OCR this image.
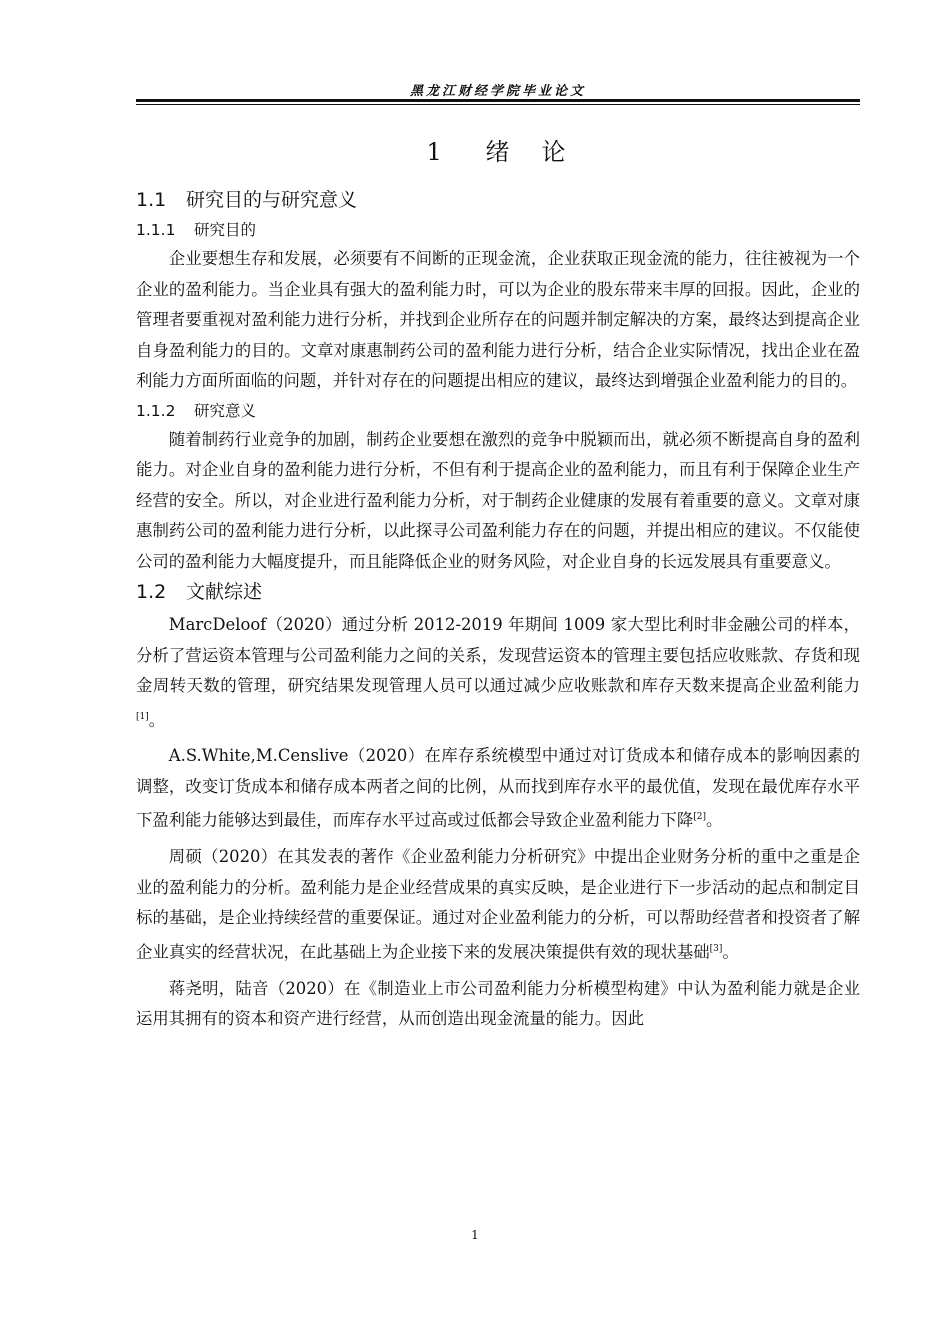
黑龙江财经学院毕业论文
1 绪　论
1.1 研究目的与研究意义
1.1.1 研究目的

企业要想生存和发展，必须要有不间断的正现金流，企业获取正现金流的能力，往往被视为一个企业的盈利能力。当企业具有强大的盈利能力时，可以为企业的股东带来丰厚的回报。因此，企业的管理者要重视对盈利能力进行分析，并找到企业所存在的问题并制定解决的方案，最终达到提高企业自身盈利能力的目的。文章对康惠制药公司的盈利能力进行分析，结合企业实际情况，找出企业在盈利能力方面所面临的问题，并针对存在的问题提出相应的建议，最终达到增强企业盈利能力的目的。

1.1.2 研究意义

随着制药行业竞争的加剧，制药企业要想在激烈的竞争中脱颖而出，就必须不断提高自身的盈利能力。对企业自身的盈利能力进行分析，不但有利于提高企业的盈利能力，而且有利于保障企业生产经营的安全。所以，对企业进行盈利能力分析，对于制药企业健康的发展有着重要的意义。文章对康惠制药公司的盈利能力进行分析，以此探寻公司盈利能力存在的问题，并提出相应的建议。不仅能使公司的盈利能力大幅度提升，而且能降低企业的财务风险，对企业自身的长远发展具有重要意义。

1.2 文献综述

MarcDeloof（2020）通过分析 2012-2019 年期间 1009 家大型比利时非金融公司的样本，分析了营运资本管理与公司盈利能力之间的关系，发现营运资本的管理主要包括应收账款、存货和现金周转天数的管理，研究结果发现管理人员可以通过减少应收账款和库存天数来提高企业盈利能力[1]。

A.S.White,M.Censlive（2020）在库存系统模型中通过对订货成本和储存成本的影响因素的调整，改变订货成本和储存成本两者之间的比例，从而找到库存水平的最优值，发现在最优库存水平下盈利能力能够达到最佳，而库存水平过高或过低都会导致企业盈利能力下降[2]。

周硕（2020）在其发表的著作《企业盈利能力分析研究》中提出企业财务分析的重中之重是企业的盈利能力的分析。盈利能力是企业经营成果的真实反映，是企业进行下一步活动的起点和制定目标的基础，是企业持续经营的重要保证。通过对企业盈利能力的分析，可以帮助经营者和投资者了解企业真实的经营状况，在此基础上为企业接下来的发展决策提供有效的现状基础[3]。

蒋尧明，陆音（2020）在《制造业上市公司盈利能力分析模型构建》中认为盈利能力就是企业运用其拥有的资本和资产进行经营，从而创造出现金流量的能力。因此

1
